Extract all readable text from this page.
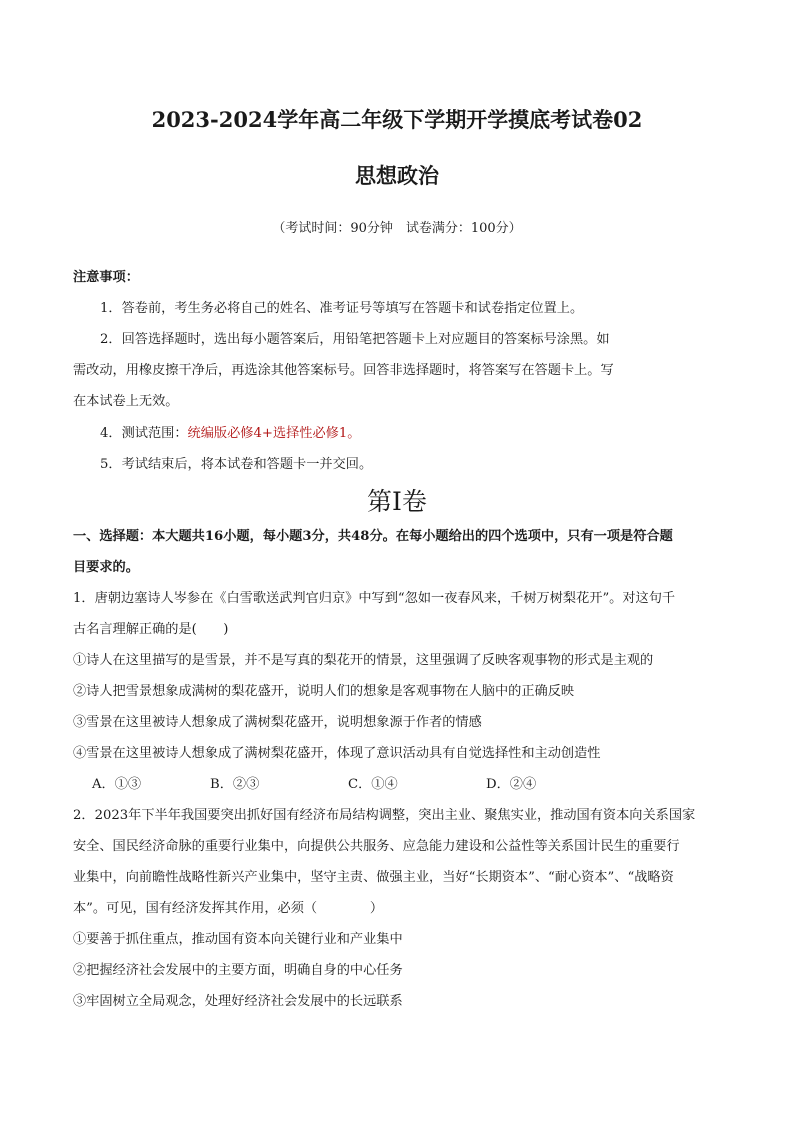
2023-2024学年高二年级下学期开学摸底考试卷02
思想政治
（考试时间：90分钟　试卷满分：100分）
注意事项：
1．答卷前，考生务必将自己的姓名、准考证号等填写在答题卡和试卷指定位置上。
2．回答选择题时，选出每小题答案后，用铅笔把答题卡上对应题目的答案标号涂黑。如
需改动，用橡皮擦干净后，再选涂其他答案标号。回答非选择题时，将答案写在答题卡上。写
在本试卷上无效。
4．测试范围：统编版必修4+选择性必修1。
5．考试结束后，将本试卷和答题卡一并交回。
第Ⅰ卷
一、选择题：本大题共16小题，每小题3分，共48分。在每小题给出的四个选项中，只有一项是符合题
目要求的。
1．唐朝边塞诗人岑参在《白雪歌送武判官归京》中写到“忽如一夜春风来，千树万树梨花开”。对这句千
古名言理解正确的是(　　)
①诗人在这里描写的是雪景，并不是写真的梨花开的情景，这里强调了反映客观事物的形式是主观的
②诗人把雪景想象成满树的梨花盛开，说明人们的想象是客观事物在人脑中的正确反映
③雪景在这里被诗人想象成了满树梨花盛开，说明想象源于作者的情感
④雪景在这里被诗人想象成了满树梨花盛开，体现了意识活动具有自觉选择性和主动创造性
A．①③	B．②③	C．①④	D．②④
2．2023年下半年我国要突出抓好国有经济布局结构调整，突出主业、聚焦实业，推动国有资本向关系国家
安全、国民经济命脉的重要行业集中，向提供公共服务、应急能力建设和公益性等关系国计民生的重要行
业集中，向前瞻性战略性新兴产业集中，坚守主责、做强主业，当好“长期资本”、“耐心资本”、“战略资
本”。可见，国有经济发挥其作用，必须（　　　　）
①要善于抓住重点，推动国有资本向关键行业和产业集中
②把握经济社会发展中的主要方面，明确自身的中心任务
③牢固树立全局观念，处理好经济社会发展中的长远联系
